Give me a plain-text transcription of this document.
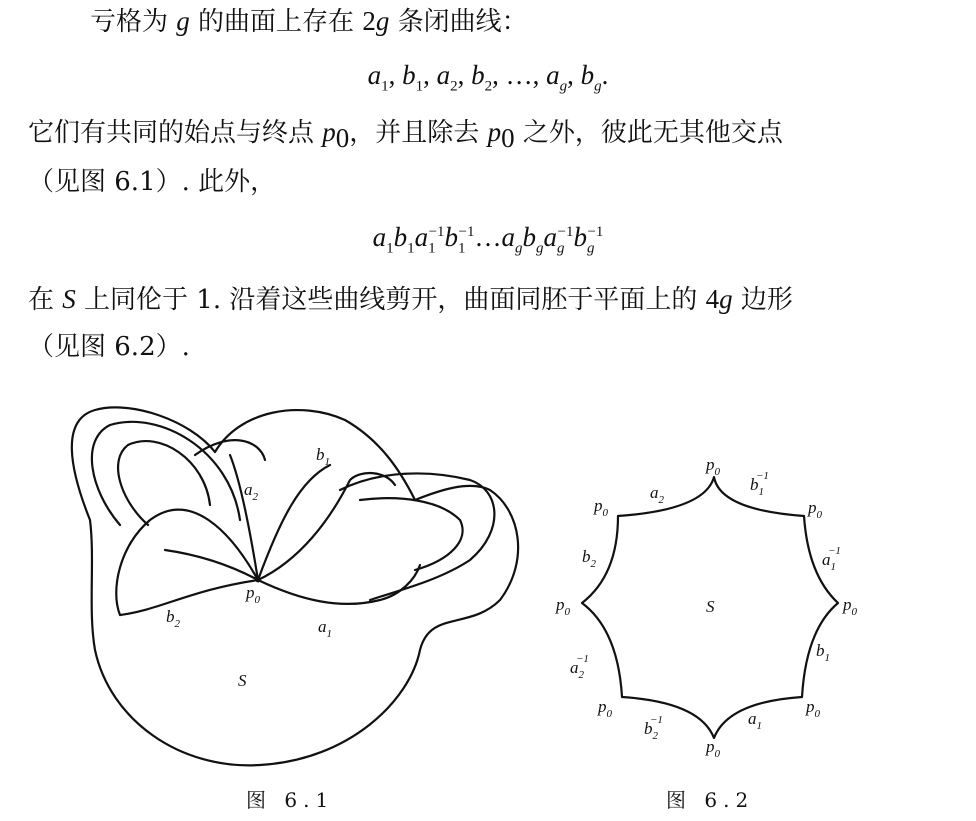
亏格为 g 的曲面上存在 2g 条闭曲线：
$a_1$, $b_1$, $a_2$, $b_2$, …, $a_g$, $b_g$.
它们有共同的始点与终点 $p_0$，并且除去 $p_0$ 之外，彼此无其他交点
（见图 6.1）. 此外，
$a_1b_1a_1^{-1}b_1^{-1}\dots a_gb_ga_g^{-1}b_g^{-1}$
在 S 上同伦于 1. 沿着这些曲线剪开，曲面同胚于平面上的 4g 边形
（见图 6.2）.
$b_1$
$a_2$
$p_0$
$b_2$	$a_1$
S
$p_0$
$p_0$
$p_0$
$p_0$
$p_0$
$p_0$
$p_0$
$p_0$
$a_2$
$b_1-1$
$a_1-1$
$b_1$
$a_1$
$b_2-1$
$a_2-1$
$b_2$
S
图 6.1	图 6.2
